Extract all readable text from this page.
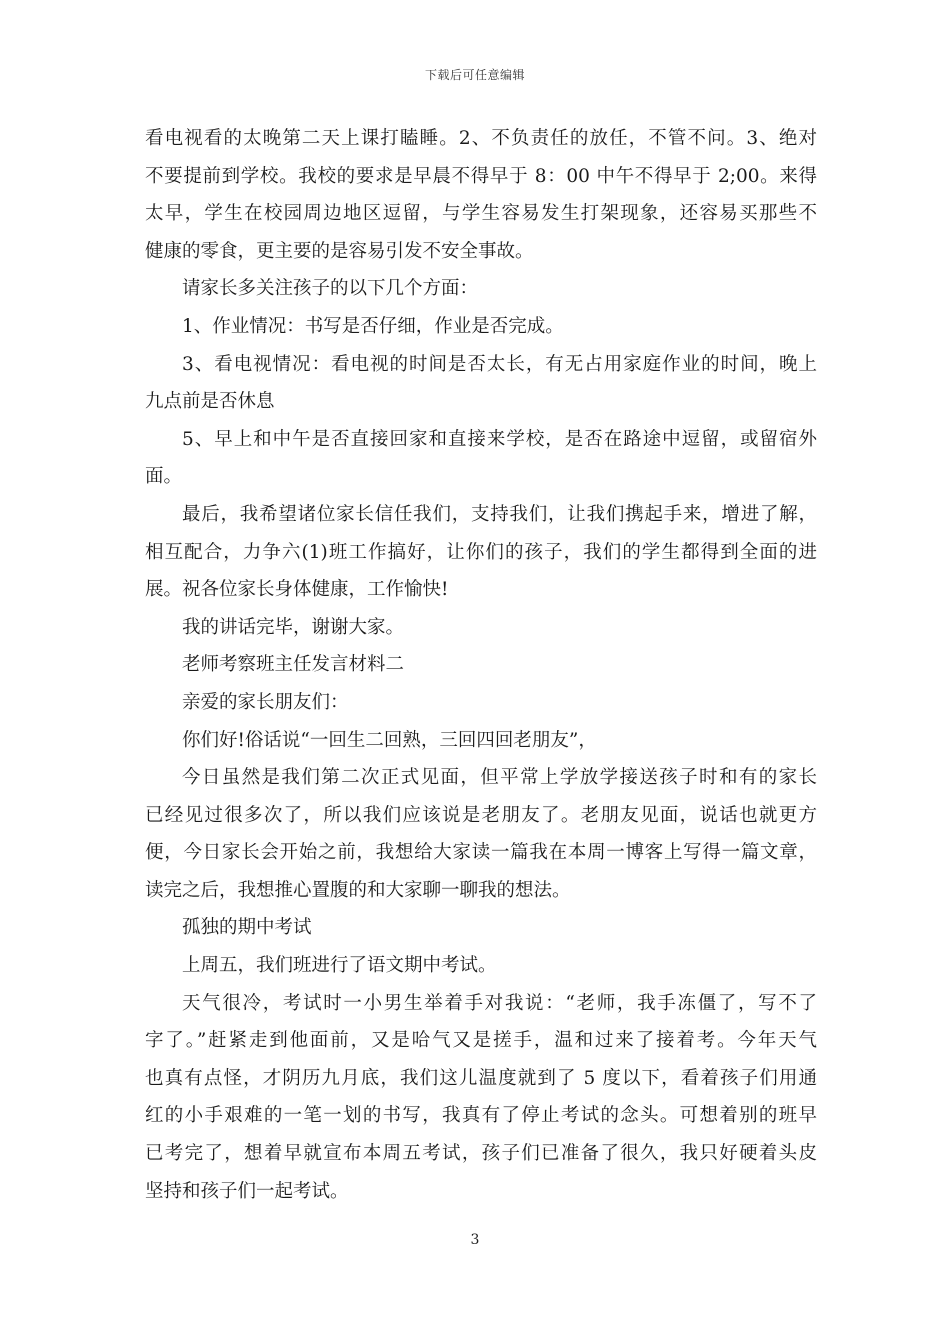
下载后可任意编辑
看电视看的太晚第二天上课打瞌睡。2、不负责任的放任，不管不问。3、绝对
不要提前到学校。我校的要求是早晨不得早于 8：00 中午不得早于 2;00。来得
太早，学生在校园周边地区逗留，与学生容易发生打架现象，还容易买那些不
健康的零食，更主要的是容易引发不安全事故。
请家长多关注孩子的以下几个方面：
1、作业情况：书写是否仔细，作业是否完成。
3、看电视情况：看电视的时间是否太长，有无占用家庭作业的时间，晚上
九点前是否休息
5、早上和中午是否直接回家和直接来学校，是否在路途中逗留，或留宿外
面。
最后，我希望诸位家长信任我们，支持我们，让我们携起手来，增进了解，
相互配合，力争六(1)班工作搞好，让你们的孩子，我们的学生都得到全面的进
展。祝各位家长身体健康，工作愉快!
我的讲话完毕，谢谢大家。
老师考察班主任发言材料二
亲爱的家长朋友们：
你们好!俗话说“一回生二回熟，三回四回老朋友”，
今日虽然是我们第二次正式见面，但平常上学放学接送孩子时和有的家长
已经见过很多次了，所以我们应该说是老朋友了。老朋友见面，说话也就更方
便，今日家长会开始之前，我想给大家读一篇我在本周一博客上写得一篇文章，
读完之后，我想推心置腹的和大家聊一聊我的想法。
孤独的期中考试
上周五，我们班进行了语文期中考试。
天气很冷，考试时一小男生举着手对我说：“老师，我手冻僵了，写不了
字了。”赶紧走到他面前，又是哈气又是搓手，温和过来了接着考。今年天气
也真有点怪，才阴历九月底，我们这儿温度就到了 5 度以下，看着孩子们用通
红的小手艰难的一笔一划的书写，我真有了停止考试的念头。可想着别的班早
已考完了，想着早就宣布本周五考试，孩子们已准备了很久，我只好硬着头皮
坚持和孩子们一起考试。
3
